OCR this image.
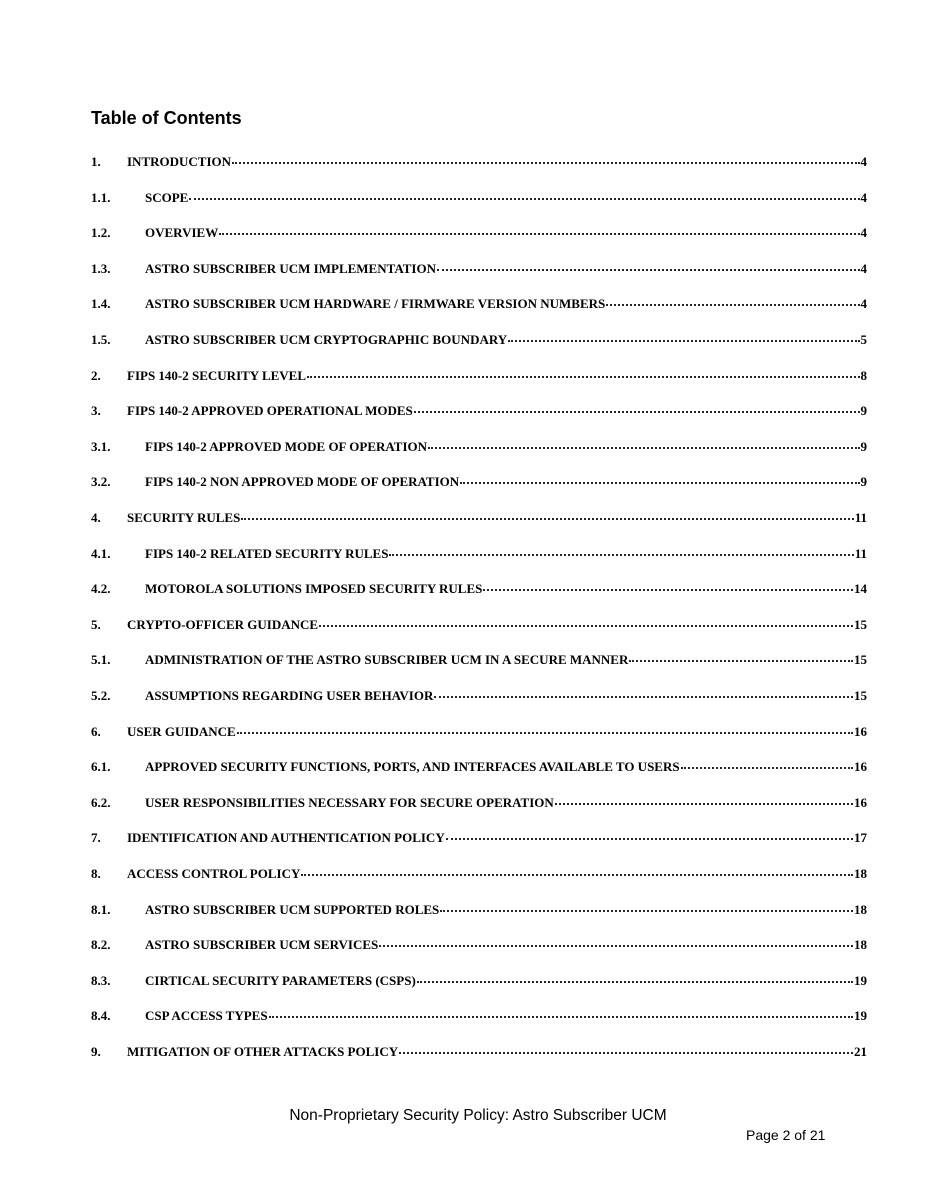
Table of Contents
1.	INTRODUCTION	4
1.1.	SCOPE	4
1.2.	OVERVIEW	4
1.3.	ASTRO SUBSCRIBER UCM IMPLEMENTATION	4
1.4.	ASTRO SUBSCRIBER UCM HARDWARE / FIRMWARE VERSION NUMBERS	4
1.5.	ASTRO SUBSCRIBER UCM CRYPTOGRAPHIC BOUNDARY	5
2.	FIPS 140-2 SECURITY LEVEL	8
3.	FIPS 140-2 APPROVED OPERATIONAL MODES	9
3.1.	FIPS 140-2 APPROVED MODE OF OPERATION	9
3.2.	FIPS 140-2 NON APPROVED MODE OF OPERATION	9
4.	SECURITY RULES	11
4.1.	FIPS 140-2 RELATED SECURITY RULES	11
4.2.	MOTOROLA SOLUTIONS IMPOSED SECURITY RULES	14
5.	CRYPTO-OFFICER GUIDANCE	15
5.1.	ADMINISTRATION OF THE ASTRO SUBSCRIBER UCM IN A SECURE MANNER	15
5.2.	ASSUMPTIONS REGARDING USER BEHAVIOR	15
6.	USER GUIDANCE	16
6.1.	APPROVED SECURITY FUNCTIONS, PORTS, AND INTERFACES AVAILABLE TO USERS	16
6.2.	USER RESPONSIBILITIES NECESSARY FOR SECURE OPERATION	16
7.	IDENTIFICATION AND AUTHENTICATION POLICY	17
8.	ACCESS CONTROL POLICY	18
8.1.	ASTRO SUBSCRIBER UCM SUPPORTED ROLES	18
8.2.	ASTRO SUBSCRIBER UCM SERVICES	18
8.3.	CIRTICAL SECURITY PARAMETERS (CSPS)	19
8.4.	CSP ACCESS TYPES	19
9.	MITIGATION OF OTHER ATTACKS POLICY	21
Non-Proprietary Security Policy: Astro Subscriber UCM
Page 2 of 21
